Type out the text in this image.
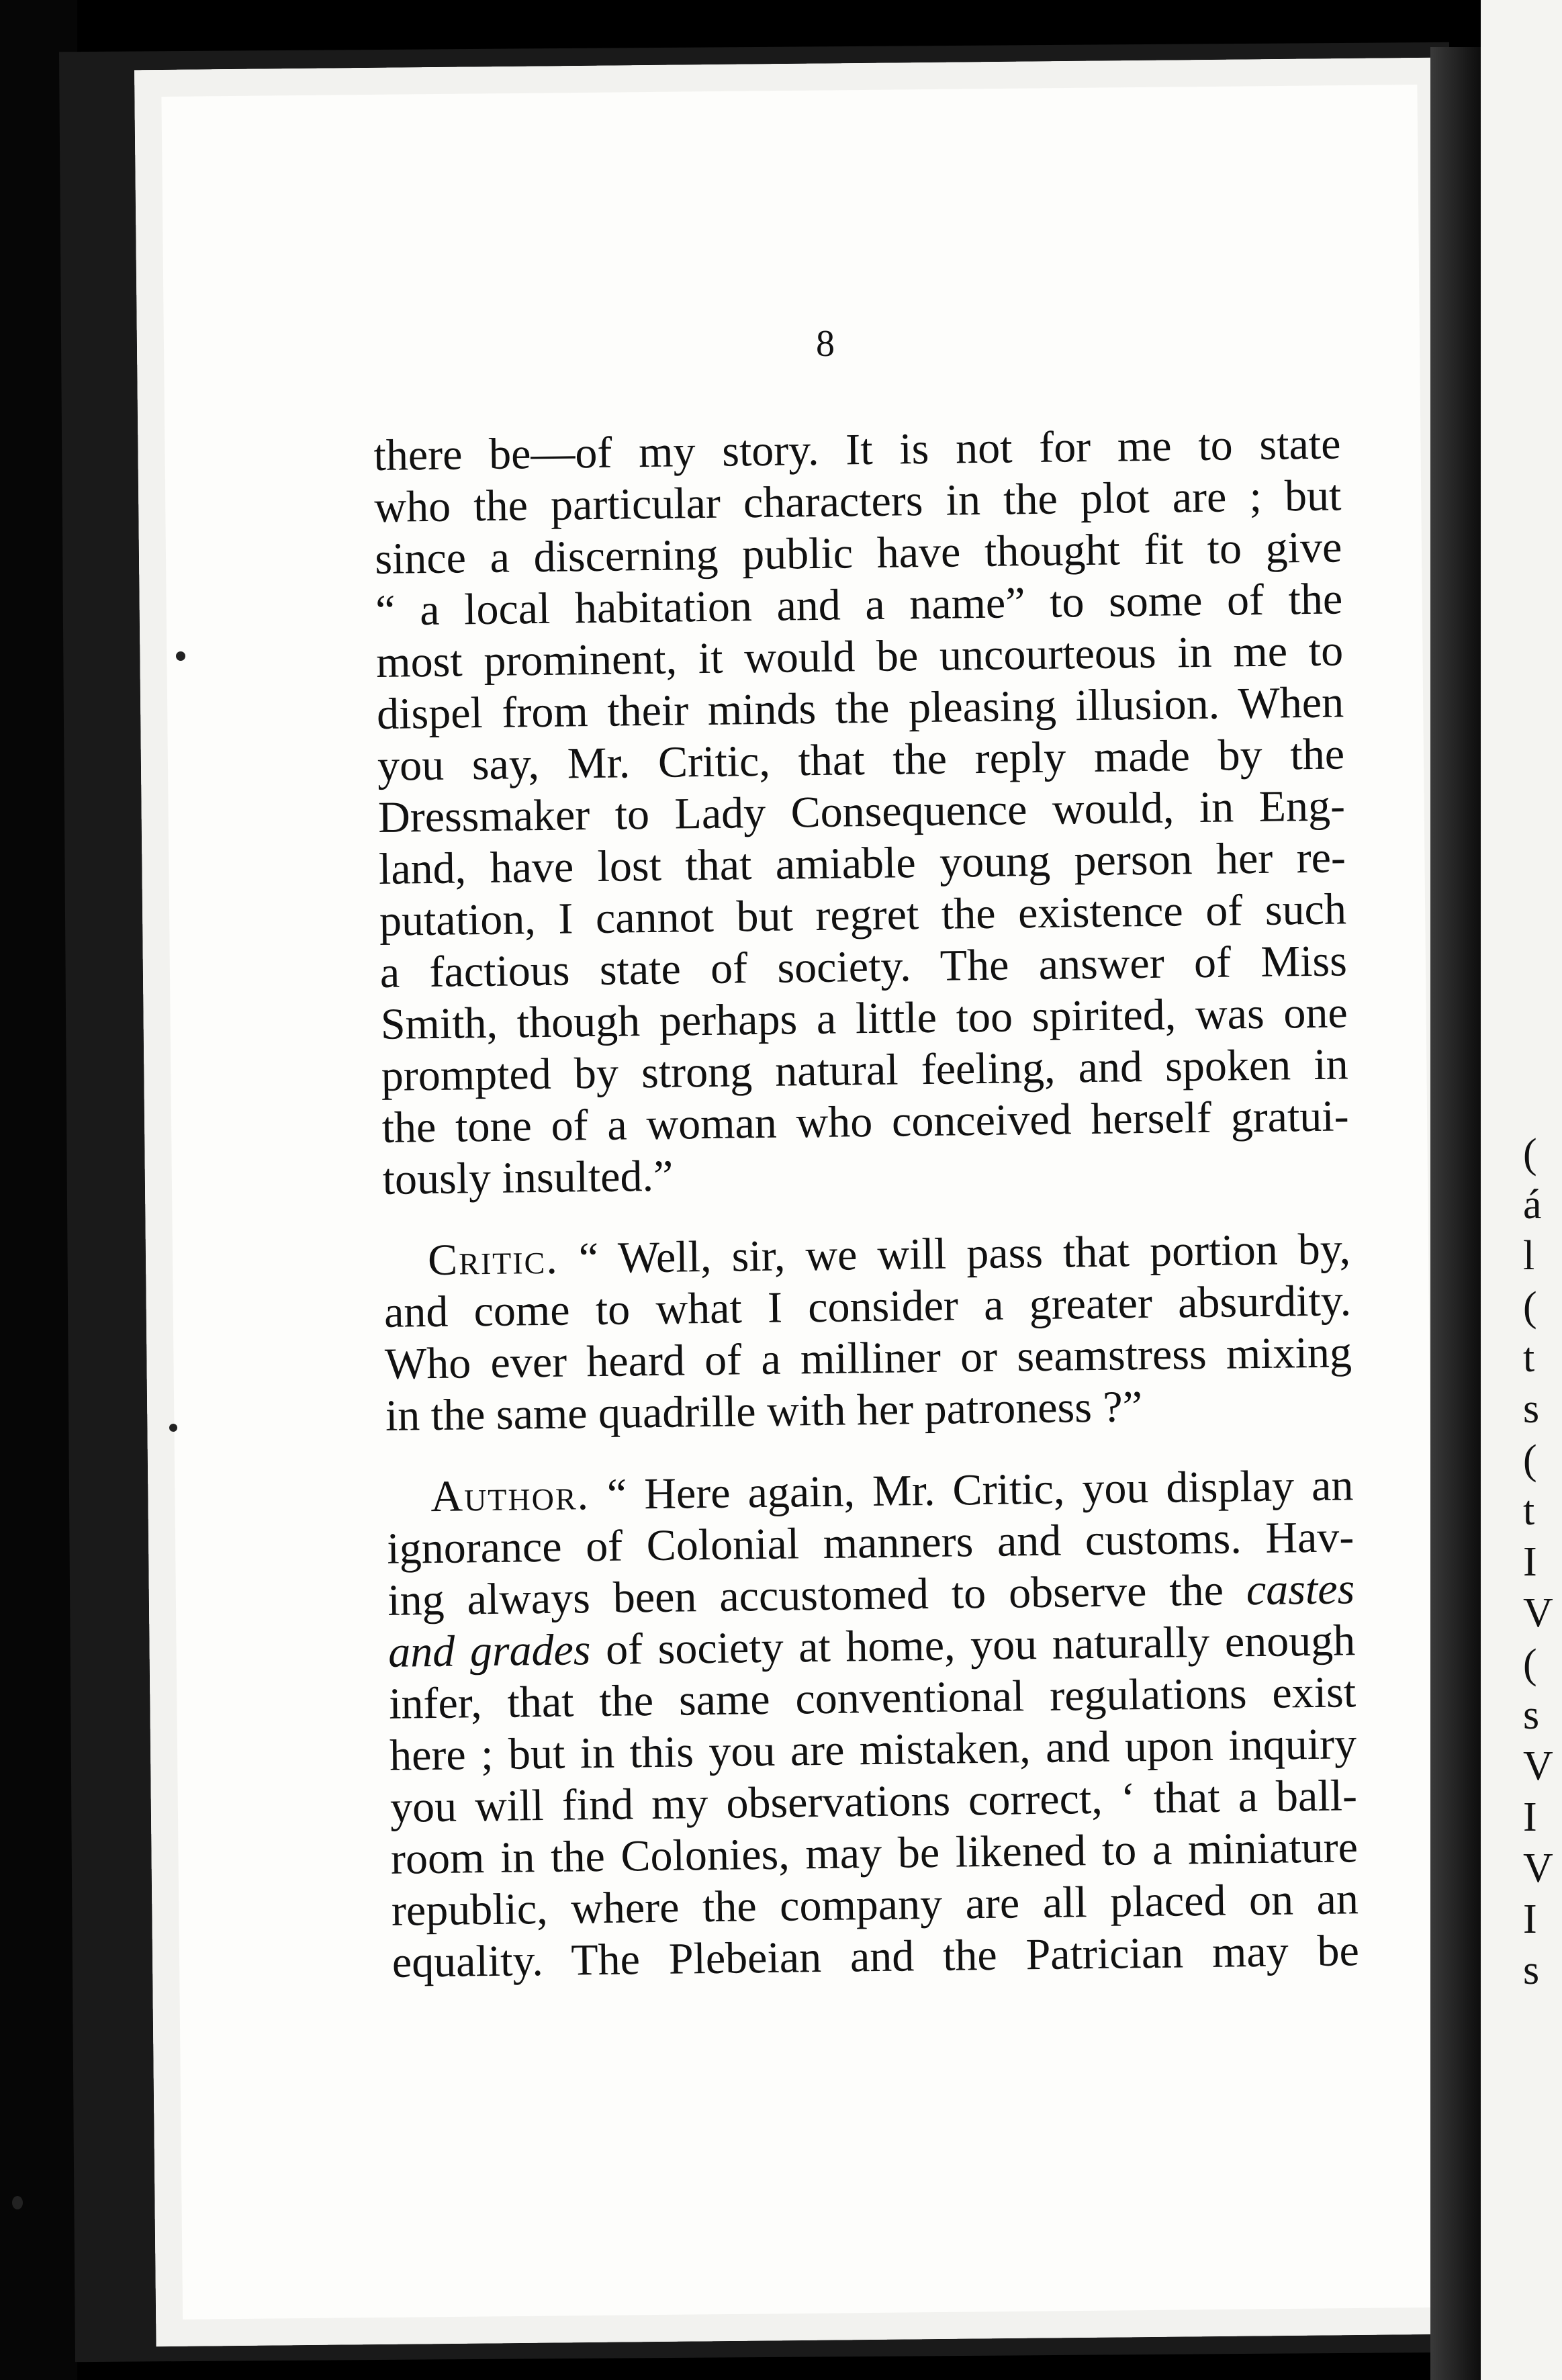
(
á
l
(
t
s
(
t
I
V
(
s
V
I
V
I
s
8
there be—of my story. It is not for me to state
who the particular characters in the plot are ; but
since a discerning public have thought fit to give
“ a local habitation and a name” to some of the
most prominent, it would be uncourteous in me to
dispel from their minds the pleasing illusion. When
you say, Mr. Critic, that the reply made by the
Dressmaker to Lady Consequence would, in Eng-
land, have lost that amiable young person her re-
putation, I cannot but regret the existence of such
a factious state of society. The answer of Miss
Smith, though perhaps a little too spirited, was one
prompted by strong natural feeling, and spoken in
the tone of a woman who conceived herself gratui-
tously insulted.”
Critic. “ Well, sir, we will pass that portion by,
and come to what I consider a greater absurdity.
Who ever heard of a milliner or seamstress mixing
in the same quadrille with her patroness ?”
Author. “ Here again, Mr. Critic, you display an
ignorance of Colonial manners and customs. Hav-
ing always been accustomed to observe the castes
and grades of society at home, you naturally enough
infer, that the same conventional regulations exist
here ; but in this you are mistaken, and upon inquiry
you will find my observations correct, ‘ that a ball-
room in the Colonies, may be likened to a miniature
republic, where the company are all placed on an
equality. The Plebeian and the Patrician may be
